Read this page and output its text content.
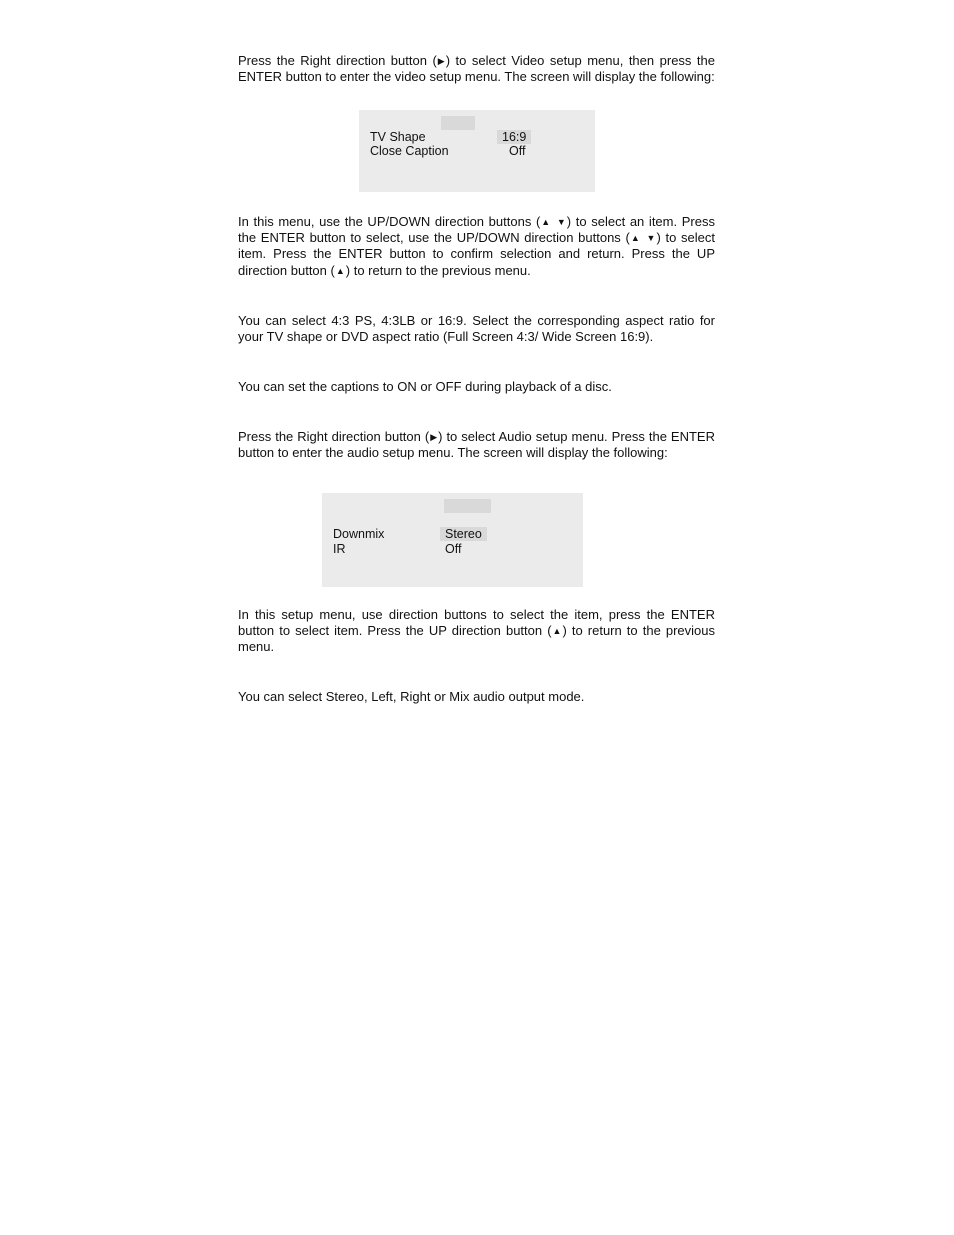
Press the Right direction button (▶) to select Video setup menu, then press the ENTER button to enter the video setup menu. The screen will display the following:

TV Shape	16:9
Close Caption	Off

In this menu, use the UP/DOWN direction buttons (▲ ▼) to select an item. Press the ENTER button to select, use the UP/DOWN direction buttons (▲ ▼) to select item. Press the ENTER button to confirm selection and return. Press the UP direction button (▲) to return to the previous menu.

You can select 4:3 PS, 4:3LB or 16:9. Select the corresponding aspect ratio for your TV shape or DVD aspect ratio (Full Screen 4:3/ Wide Screen 16:9).

You can set the captions to ON or OFF during playback of a disc.

Press the Right direction button (▶) to select Audio setup menu. Press the ENTER button to enter the audio setup menu. The screen will display the following:

Downmix	Stereo
IR	Off

In this setup menu, use direction buttons to select the item, press the ENTER button to select item. Press the UP direction button (▲) to return to the previous menu.

You can select Stereo, Left, Right or Mix audio output mode.
